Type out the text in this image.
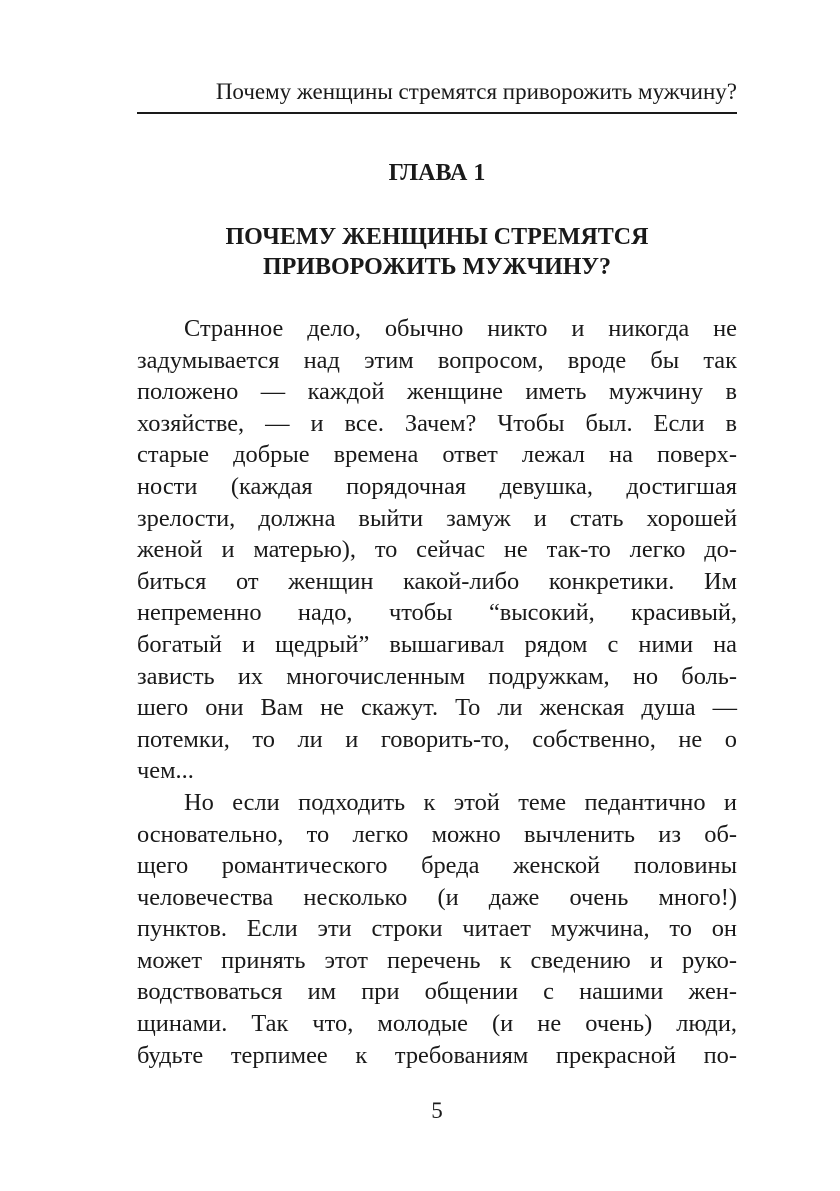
Почему женщины стремятся приворожить мужчину?
ГЛАВА 1
ПОЧЕМУ ЖЕНЩИНЫ СТРЕМЯТСЯ
ПРИВОРОЖИТЬ МУЖЧИНУ?
Странное дело, обычно никто и никогда не
задумывается над этим вопросом, вроде бы так
положено — каждой женщине иметь мужчину в
хозяйстве, — и все. Зачем? Чтобы был. Если в
старые добрые времена ответ лежал на поверх-
ности (каждая порядочная девушка, достигшая
зрелости, должна выйти замуж и стать хорошей
женой и матерью), то сейчас не так-то легко до-
биться от женщин какой-либо конкретики. Им
непременно надо, чтобы “высокий, красивый,
богатый и щедрый” вышагивал рядом с ними на
зависть их многочисленным подружкам, но боль-
шего они Вам не скажут. То ли женская душа —
потемки, то ли и говорить-то, собственно, не о
чем...
Но если подходить к этой теме педантично и
основательно, то легко можно вычленить из об-
щего романтического бреда женской половины
человечества несколько (и даже очень много!)
пунктов. Если эти строки читает мужчина, то он
может принять этот перечень к сведению и руко-
водствоваться им при общении с нашими жен-
щинами. Так что, молодые (и не очень) люди,
будьте терпимее к требованиям прекрасной по-
5
